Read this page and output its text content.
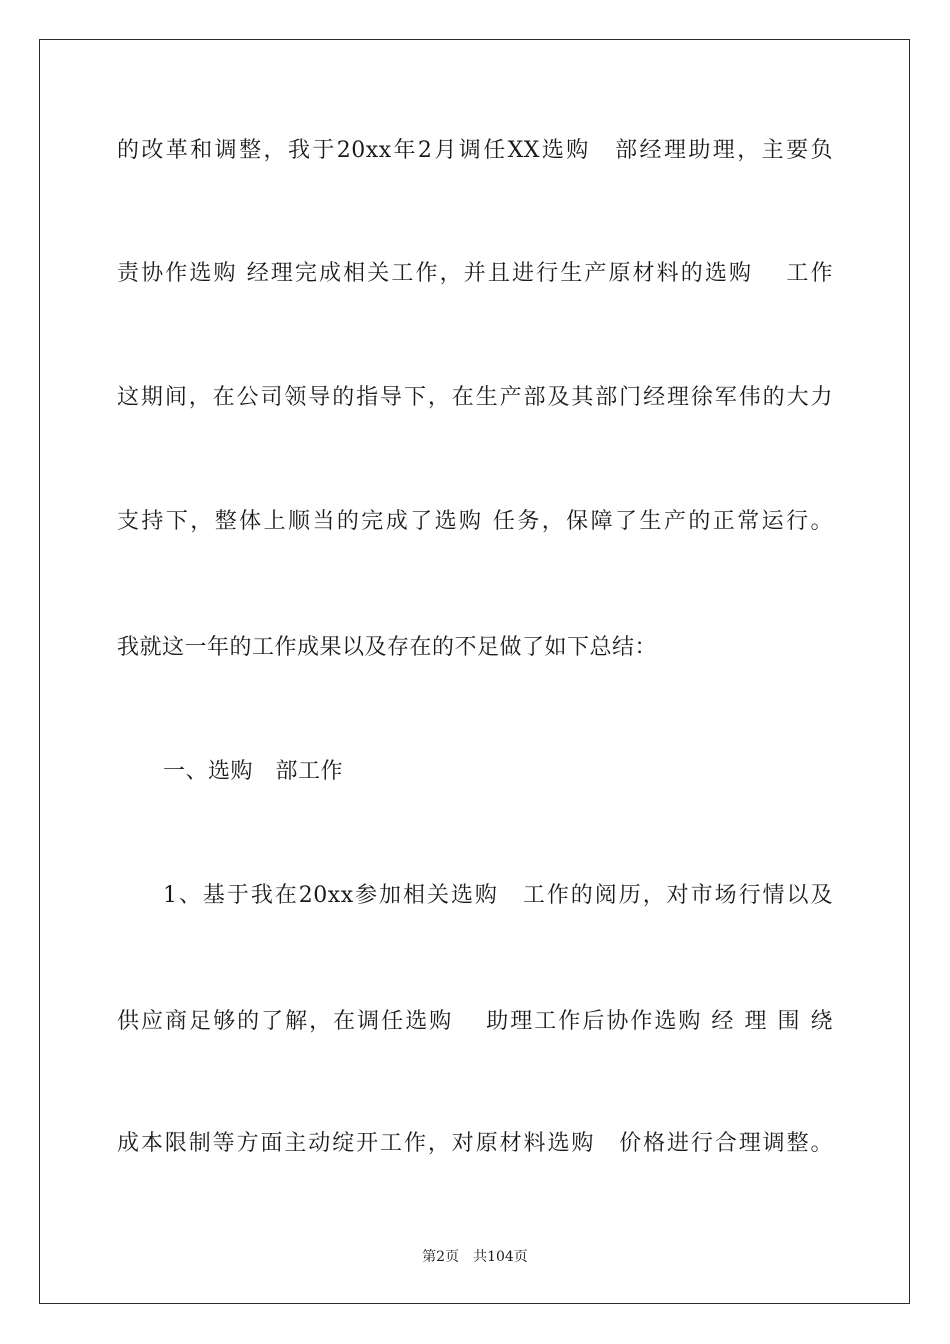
的改革和调整，我于20xx年2月调任XX选购　部经理助理，主要负
责协作选购 经理完成相关工作，并且进行生产原材料的选购　 工作
这期间，在公司领导的指导下，在生产部及其部门经理徐军伟的大力
支持下，整体上顺当的完成了选购 任务，保障了生产的正常运行。
我就这一年的工作成果以及存在的不足做了如下总结：
一、选购　部工作
1、基于我在20xx参加相关选购　工作的阅历，对市场行情以及
供应商足够的了解，在调任选购　 助理工作后协作选购 经 理 围 绕
成本限制等方面主动绽开工作，对原材料选购　价格进行合理调整。
第2页　共104页
